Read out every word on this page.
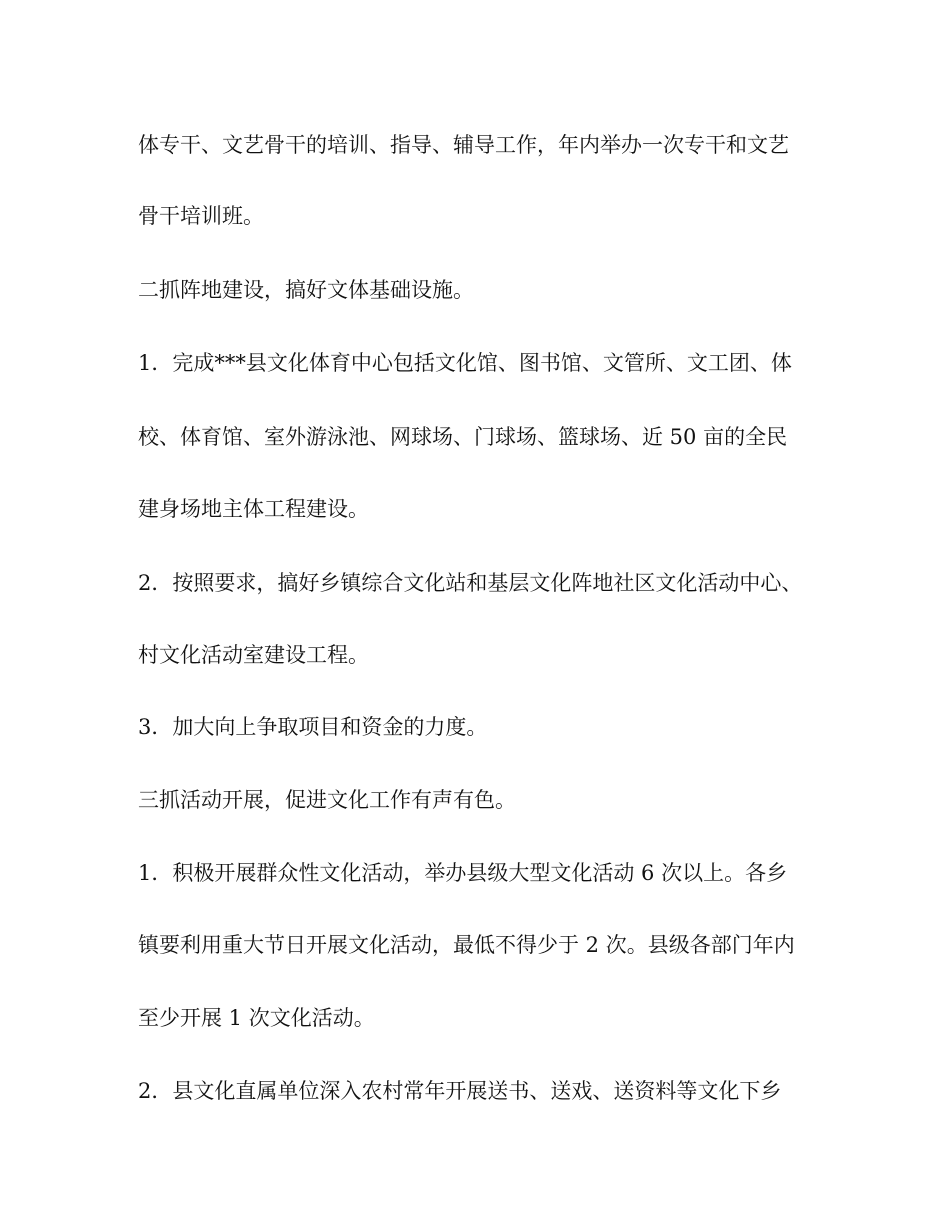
体专干、文艺骨干的培训、指导、辅导工作，年内举办一次专干和文艺
骨干培训班。
二抓阵地建设，搞好文体基础设施。
1．完成***县文化体育中心包括文化馆、图书馆、文管所、文工团、体
校、体育馆、室外游泳池、网球场、门球场、篮球场、近 50 亩的全民
建身场地主体工程建设。
2．按照要求，搞好乡镇综合文化站和基层文化阵地社区文化活动中心、
村文化活动室建设工程。
3．加大向上争取项目和资金的力度。
三抓活动开展，促进文化工作有声有色。
1．积极开展群众性文化活动，举办县级大型文化活动 6 次以上。各乡
镇要利用重大节日开展文化活动，最低不得少于 2 次。县级各部门年内
至少开展 1 次文化活动。
2．县文化直属单位深入农村常年开展送书、送戏、送资料等文化下乡
